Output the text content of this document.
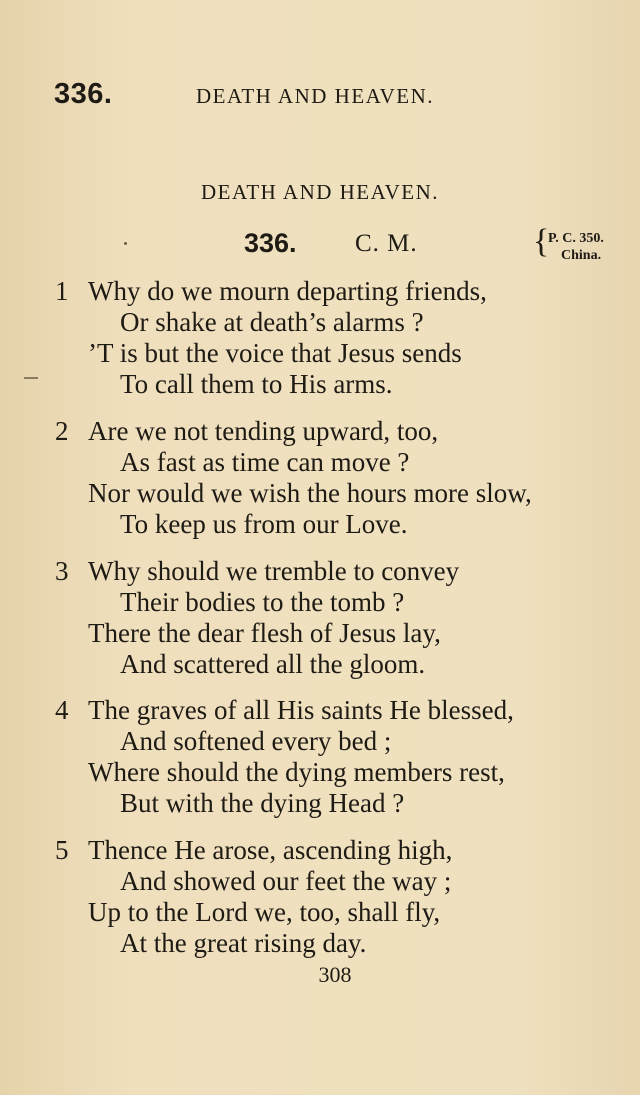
336.	DEATH AND HEAVEN.
DEATH AND HEAVEN.
336. C. M.	{
P. C. 350.
China.
1 Why do we mourn departing friends,
Or shake at death’s alarms ?
’T is but the voice that Jesus sends
To call them to His arms.
2 Are we not tending upward, too,
As fast as time can move ?
Nor would we wish the hours more slow,
To keep us from our Love.
3 Why should we tremble to convey
Their bodies to the tomb ?
There the dear flesh of Jesus lay,
And scattered all the gloom.
4 The graves of all His saints He blessed,
And softened every bed ;
Where should the dying members rest,
But with the dying Head ?
5 Thence He arose, ascending high,
And showed our feet the way ;
Up to the Lord we, too, shall fly,
At the great rising day.
308
